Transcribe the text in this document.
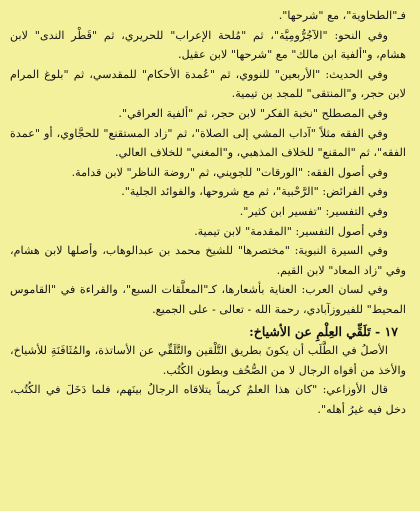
فـ"الطحاوية"، مع "شرحها".

وفي النحو: "الآجُرُّومِيَّة"، ثم "مُلحة الإعراب" للحريري، ثم "قَطْر الندى" لابن هشام، و"ألفية ابن مالك" مع "شرحها" لابن عقيل.

وفي الحديث: "الأربعين" للنووي، ثم "عُمدة الأحكام" للمقدسي، ثم "بلوغ المرام لابن حجر، و"المنتقى" للمجد بن تيمية.

وفي المصطلح "نخبة الفكر" لابن حجر، ثم "ألفية العراقي".

وفي الفقه مثلاً "آداب المشي إلى الصلاة"، ثم "زاد المستقنع" للحجَّاوي، أو "عمدة الفقه"، ثم "المقنع" للخلاف المذهبي، و"المغني" للخلاف العالي.

وفي أصول الفقه: "الورقات" للجويني، ثم "روضة الناظر" لابن قدامة.

وفي الفرائض: "الرَّحْبية"، ثم مع شروحها، والفوائد الجلية".

وفي التفسير: "تفسير ابن كثير".

وفي أصول التفسير: "المقدمة" لابن تيمية.

وفي السيرة النبوية: "مختصرها" للشيخ محمد بن عبدالوهاب، وأصلها لابن هشام، وفي "زاد المعاد" لابن القيم.

وفي لسان العرب: العناية بأشعارها، كـ"المعلَّقات السبع"، والقراءة في "القاموس المحيط" للفيروزآبادي، رحمة الله - تعالى - على الجميع.

١٧ - تَلَقِّي العِلْمِ عن الأشياخ:

الأصلُ في الطَّلَب أن يكونَ بطريق التَّلْقين والتَّلَقِّي عن الأساتذة، والمُثَافَنَةِ للأشياخ، والأخذ من أفواه الرجال لا من الصُّحُف وبطون الكُتُب.

قال الأوزاعي: "كان هذا العلمُ كريماً يتلاقاه الرجالُ بينَهم، فلما دَخَلَ في الكُتُب، دخل فيه غيرُ أهله".
